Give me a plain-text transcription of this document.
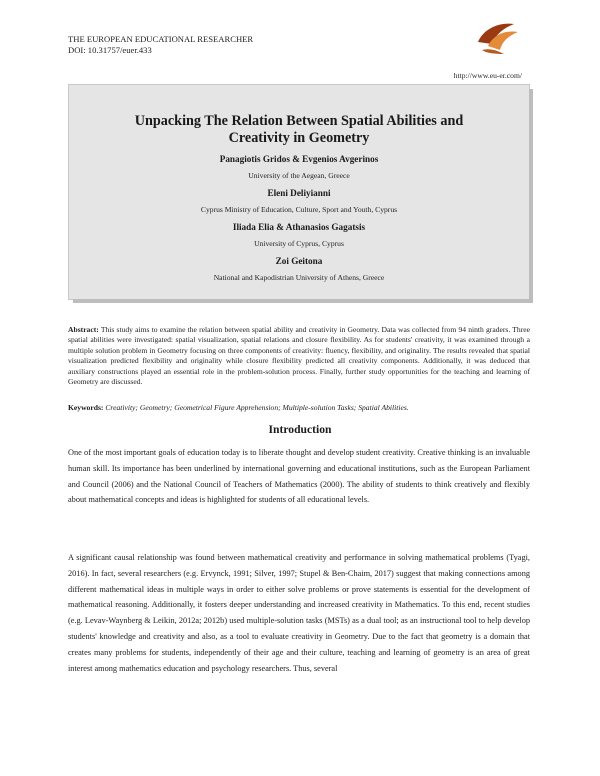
THE EUROPEAN EDUCATIONAL RESEARCHER
DOI: 10.31757/euer.433
http://www.eu-er.com/
Unpacking The Relation Between Spatial Abilities and Creativity in Geometry
Panagiotis Gridos & Evgenios Avgerinos
University of the Aegean, Greece
Eleni Deliyianni
Cyprus Ministry of Education, Culture, Sport and Youth, Cyprus
Iliada Elia & Athanasios Gagatsis
University of Cyprus, Cyprus
Zoi Geitona
National and Kapodistrian University of Athens, Greece
Abstract: This study aims to examine the relation between spatial ability and creativity in Geometry. Data was collected from 94 ninth graders. Three spatial abilities were investigated: spatial visualization, spatial relations and closure flexibility. As for students' creativity, it was examined through a multiple solution problem in Geometry focusing on three components of creativity: fluency, flexibility, and originality. The results revealed that spatial visualization predicted flexibility and originality while closure flexibility predicted all creativity components. Additionally, it was deduced that auxiliary constructions played an essential role in the problem-solution process. Finally, further study opportunities for the teaching and learning of Geometry are discussed.
Keywords: Creativity; Geometry; Geometrical Figure Apprehension; Multiple-solution Tasks; Spatial Abilities.
Introduction
One of the most important goals of education today is to liberate thought and develop student creativity. Creative thinking is an invaluable human skill. Its importance has been underlined by international governing and educational institutions, such as the European Parliament and Council (2006) and the National Council of Teachers of Mathematics (2000). The ability of students to think creatively and flexibly about mathematical concepts and ideas is highlighted for students of all educational levels.
A significant causal relationship was found between mathematical creativity and performance in solving mathematical problems (Tyagi, 2016). In fact, several researchers (e.g. Ervynck, 1991; Silver, 1997; Stupel & Ben-Chaim, 2017) suggest that making connections among different mathematical ideas in multiple ways in order to either solve problems or prove statements is essential for the development of mathematical reasoning. Additionally, it fosters deeper understanding and increased creativity in Mathematics. To this end, recent studies (e.g. Levav-Waynberg & Leikin, 2012a; 2012b) used multiple-solution tasks (MSTs) as a dual tool; as an instructional tool to help develop students' knowledge and creativity and also, as a tool to evaluate creativity in Geometry. Due to the fact that geometry is a domain that creates many problems for students, independently of their age and their culture, teaching and learning of geometry is an area of great interest among mathematics education and psychology researchers. Thus, several
